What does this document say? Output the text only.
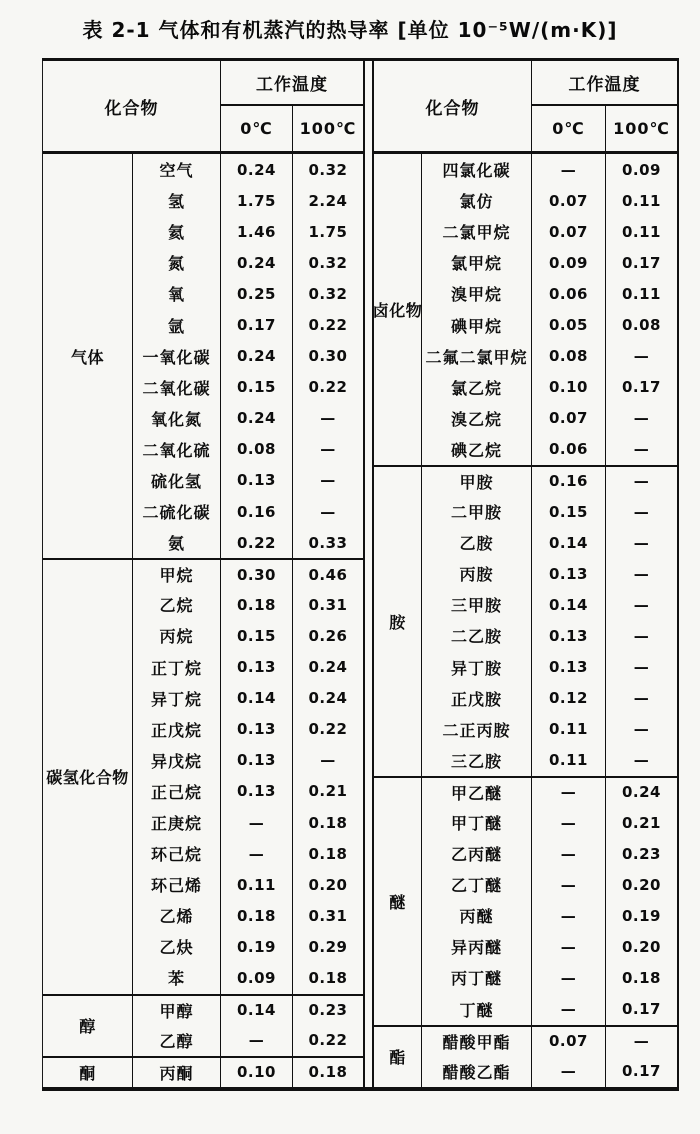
表 2-1 气体和有机蒸汽的热导率 [单位 10⁻⁵W/(m·K)]
化合物
工作温度
0℃	100℃
气体
空气	0.24	0.32
氢	1.75	2.24
氦	1.46	1.75
氮	0.24	0.32
氧	0.25	0.32
氩	0.17	0.22
一氧化碳	0.24	0.30
二氧化碳	0.15	0.22
氧化氮	0.24	—
二氧化硫	0.08	—
硫化氢	0.13	—
二硫化碳	0.16	—
氨	0.22	0.33
碳氢化合物
甲烷	0.30	0.46
乙烷	0.18	0.31
丙烷	0.15	0.26
正丁烷	0.13	0.24
异丁烷	0.14	0.24
正戊烷	0.13	0.22
异戊烷	0.13	—
正己烷	0.13	0.21
正庚烷	—	0.18
环己烷	—	0.18
环己烯	0.11	0.20
乙烯	0.18	0.31
乙炔	0.19	0.29
苯	0.09	0.18
醇
甲醇	0.14	0.23
乙醇	—	0.22
酮	丙酮	0.10	0.18
化合物
工作温度
0℃	100℃
卤化物
四氯化碳	—	0.09
氯仿	0.07	0.11
二氯甲烷	0.07	0.11
氯甲烷	0.09	0.17
溴甲烷	0.06	0.11
碘甲烷	0.05	0.08
二氟二氯甲烷	0.08	—
氯乙烷	0.10	0.17
溴乙烷	0.07	—
碘乙烷	0.06	—
胺
甲胺	0.16	—
二甲胺	0.15	—
乙胺	0.14	—
丙胺	0.13	—
三甲胺	0.14	—
二乙胺	0.13	—
异丁胺	0.13	—
正戊胺	0.12	—
二正丙胺	0.11	—
三乙胺	0.11	—
醚
甲乙醚	—	0.24
甲丁醚	—	0.21
乙丙醚	—	0.23
乙丁醚	—	0.20
丙醚	—	0.19
异丙醚	—	0.20
丙丁醚	—	0.18
丁醚	—	0.17
酯
醋酸甲酯	0.07	—
醋酸乙酯	—	0.17
